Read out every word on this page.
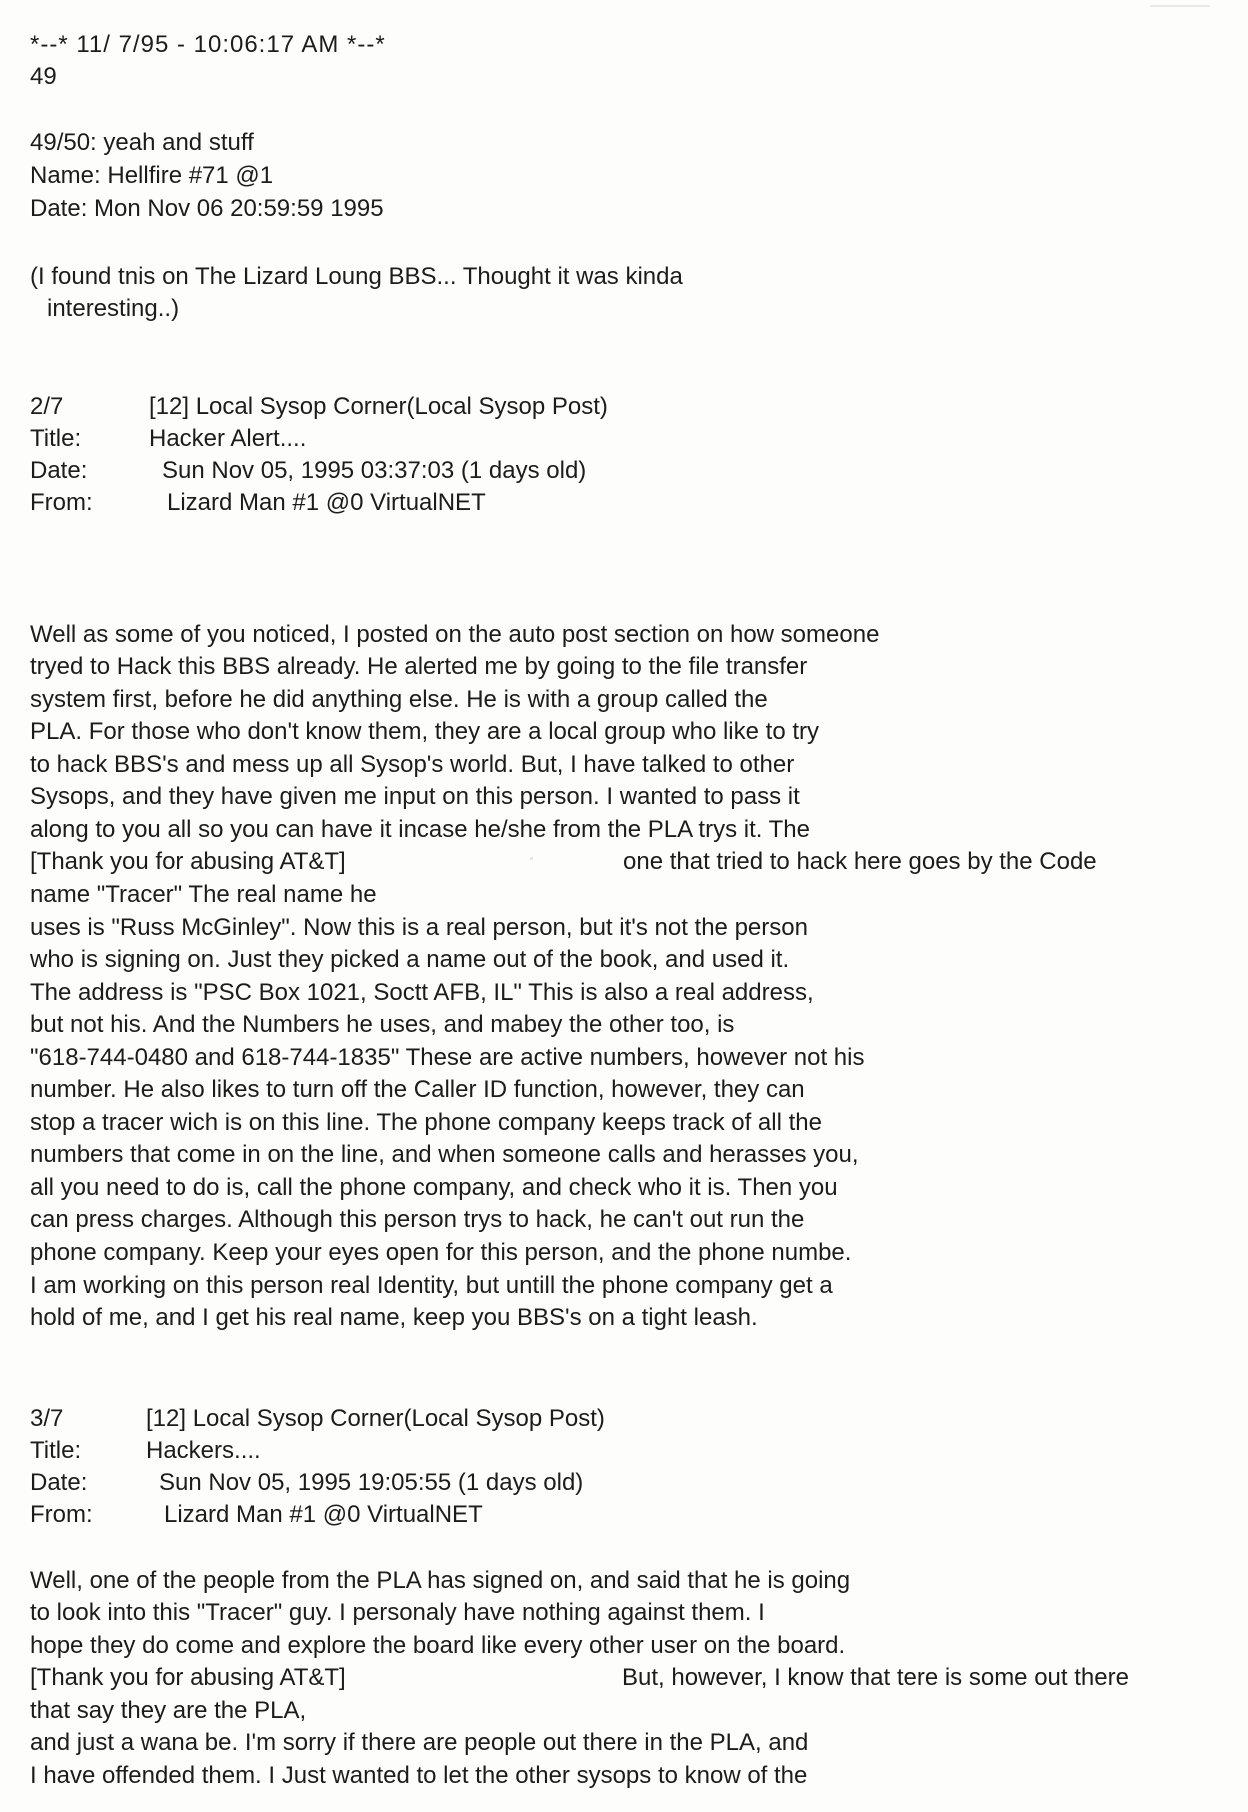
*--* 11/ 7/95 - 10:06:17 AM *--*
49
49/50: yeah and stuff
Name: Hellfire #71 @1
Date: Mon Nov 06 20:59:59 1995
(I found tnis on The Lizard Loung BBS... Thought it was kinda
interesting..)
2/7	[12] Local Sysop Corner(Local Sysop Post)
Title:	Hacker Alert....
Date:	Sun Nov 05, 1995 03:37:03 (1 days old)
From:	Lizard Man #1 @0 VirtualNET
Well as some of you noticed, I posted on the auto post section on how someone
tryed to Hack this BBS already. He alerted me by going to the file transfer
system first, before he did anything else. He is with a group called the
PLA. For those who don't know them, they are a local group who like to try
to hack BBS's and mess up all Sysop's world. But, I have talked to other
Sysops, and they have given me input on this person. I wanted to pass it
along to you all so you can have it incase he/she from the PLA trys it. The
[Thank you for abusing AT&T]	one that tried to hack here goes by the Code
name "Tracer" The real name he
uses is "Russ McGinley". Now this is a real person, but it's not the person
who is signing on. Just they picked a name out of the book, and used it.
The address is "PSC Box 1021, Soctt AFB, IL" This is also a real address,
but not his. And the Numbers he uses, and mabey the other too, is
"618-744-0480 and 618-744-1835" These are active numbers, however not his
number. He also likes to turn off the Caller ID function, however, they can
stop a tracer wich is on this line. The phone company keeps track of all the
numbers that come in on the line, and when someone calls and herasses you,
all you need to do is, call the phone company, and check who it is. Then you
can press charges. Although this person trys to hack, he can't out run the
phone company. Keep your eyes open for this person, and the phone numbe.
I am working on this person real Identity, but untill the phone company get a
hold of me, and I get his real name, keep you BBS's on a tight leash.
3/7	[12] Local Sysop Corner(Local Sysop Post)
Title:	Hackers....
Date:	Sun Nov 05, 1995 19:05:55 (1 days old)
From:	Lizard Man #1 @0 VirtualNET
Well, one of the people from the PLA has signed on, and said that he is going
to look into this "Tracer" guy. I personaly have nothing against them. I
hope they do come and explore the board like every other user on the board.
[Thank you for abusing AT&T]	But, however, I know that tere is some out there
that say they are the PLA,
and just a wana be. I'm sorry if there are people out there in the PLA, and
I have offended them. I Just wanted to let the other sysops to know of the
